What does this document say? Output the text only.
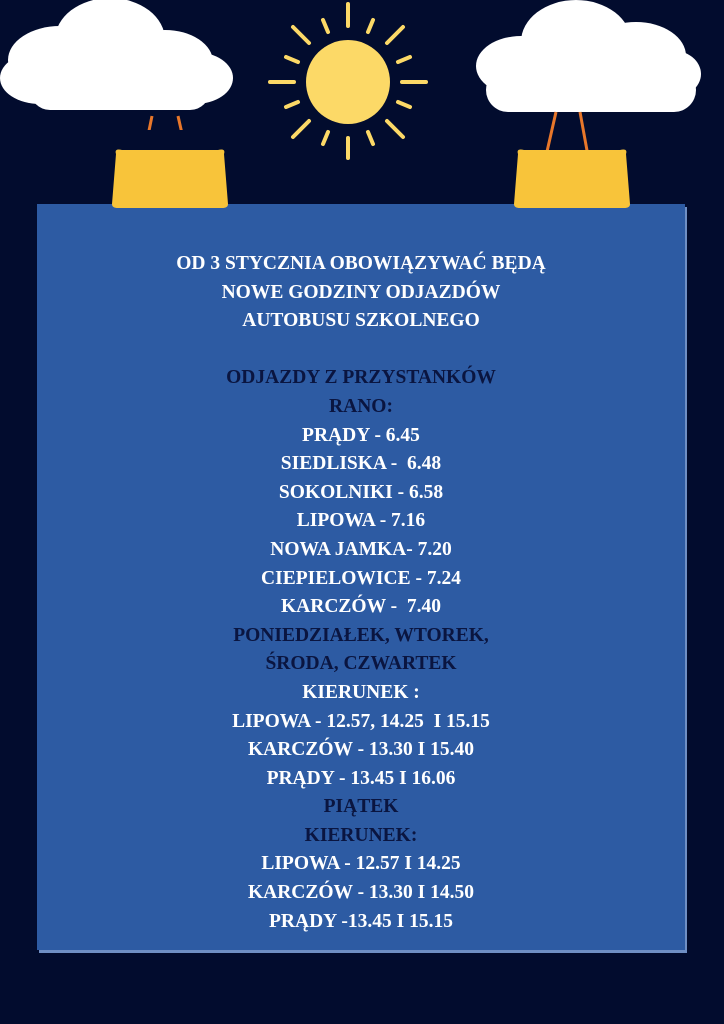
OD 3 STYCZNIA OBOWIĄZYWAĆ BĘDĄ
NOWE GODZINY ODJAZDÓW
AUTOBUSU SZKOLNEGO
ODJAZDY Z PRZYSTANKÓW
RANO:
PRĄDY - 6.45
SIEDLISKA -  6.48
SOKOLNIKI - 6.58
LIPOWA - 7.16
NOWA JAMKA- 7.20
CIEPIELOWICE - 7.24
KARCZÓW -  7.40
PONIEDZIAŁEK, WTOREK,
ŚRODA, CZWARTEK
KIERUNEK :
LIPOWA - 12.57, 14.25  I 15.15
KARCZÓW - 13.30 I 15.40
PRĄDY - 13.45 I 16.06
PIĄTEK
KIERUNEK:
LIPOWA - 12.57 I 14.25
KARCZÓW - 13.30 I 14.50
PRĄDY -13.45 I 15.15
